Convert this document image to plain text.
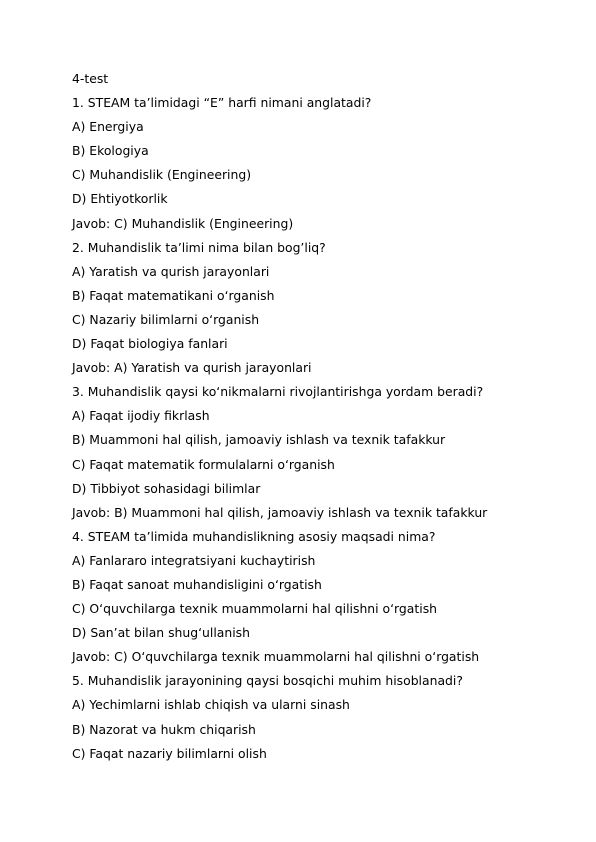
4-test
1. STEAM ta’limidagi “E” harfi nimani anglatadi?
A) Energiya
B) Ekologiya
C) Muhandislik (Engineering)
D) Ehtiyotkorlik
Javob: C) Muhandislik (Engineering)
2. Muhandislik ta’limi nima bilan bog’liq?
A) Yaratish va qurish jarayonlari
B) Faqat matematikani o‘rganish
C) Nazariy bilimlarni o‘rganish
D) Faqat biologiya fanlari
Javob: A) Yaratish va qurish jarayonlari
3. Muhandislik qaysi ko‘nikmalarni rivojlantirishga yordam beradi?
A) Faqat ijodiy fikrlash
B) Muammoni hal qilish, jamoaviy ishlash va texnik tafakkur
C) Faqat matematik formulalarni o‘rganish
D) Tibbiyot sohasidagi bilimlar
Javob: B) Muammoni hal qilish, jamoaviy ishlash va texnik tafakkur
4. STEAM ta’limida muhandislikning asosiy maqsadi nima?
A) Fanlararo integratsiyani kuchaytirish
B) Faqat sanoat muhandisligini o‘rgatish
C) O‘quvchilarga texnik muammolarni hal qilishni o‘rgatish
D) San’at bilan shug‘ullanish
Javob: C) O‘quvchilarga texnik muammolarni hal qilishni o‘rgatish
5. Muhandislik jarayonining qaysi bosqichi muhim hisoblanadi?
A) Yechimlarni ishlab chiqish va ularni sinash
B) Nazorat va hukm chiqarish
C) Faqat nazariy bilimlarni olish
